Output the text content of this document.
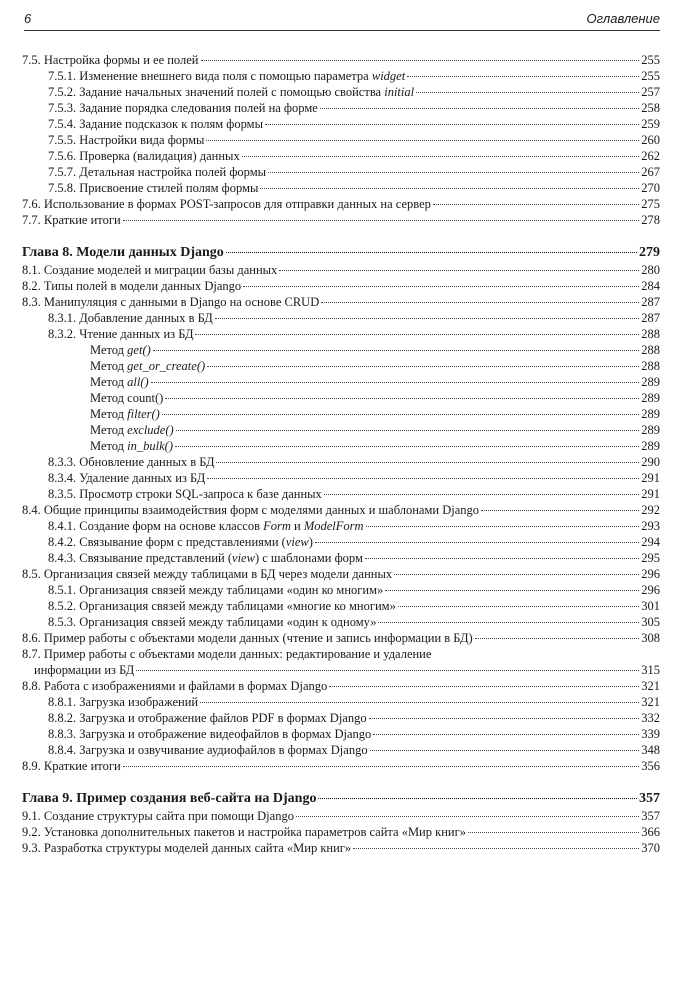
6	Оглавление
7.5. Настройка формы и ее полей	255
7.5.1. Изменение внешнего вида поля с помощью параметра widget	255
7.5.2. Задание начальных значений полей с помощью свойства initial	257
7.5.3. Задание порядка следования полей на форме	258
7.5.4. Задание подсказок к полям формы	259
7.5.5. Настройки вида формы	260
7.5.6. Проверка (валидация) данных	262
7.5.7. Детальная настройка полей формы	267
7.5.8. Присвоение стилей полям формы	270
7.6. Использование в формах POST-запросов для отправки данных на сервер	275
7.7. Краткие итоги	278
Глава 8. Модели данных Django	279
8.1. Создание моделей и миграции базы данных	280
8.2. Типы полей в модели данных Django	284
8.3. Манипуляция с данными в Django на основе CRUD	287
8.3.1. Добавление данных в БД	287
8.3.2. Чтение данных из БД	288
Метод get()	288
Метод get_or_create()	288
Метод all()	289
Метод count()	289
Метод filter()	289
Метод exclude()	289
Метод in_bulk()	289
8.3.3. Обновление данных в БД	290
8.3.4. Удаление данных из БД	291
8.3.5. Просмотр строки SQL-запроса к базе данных	291
8.4. Общие принципы взаимодействия форм с моделями данных и шаблонами Django	292
8.4.1. Создание форм на основе классов Form и ModelForm	293
8.4.2. Связывание форм с представлениями (view)	294
8.4.3. Связывание представлений (view) с шаблонами форм	295
8.5. Организация связей между таблицами в БД через модели данных	296
8.5.1. Организация связей между таблицами «один ко многим»	296
8.5.2. Организация связей между таблицами «многие ко многим»	301
8.5.3. Организация связей между таблицами «один к одному»	305
8.6. Пример работы с объектами модели данных (чтение и запись информации в БД)	308
8.7. Пример работы с объектами модели данных: редактирование и удаление
информации из БД	315
8.8. Работа с изображениями и файлами в формах Django	321
8.8.1. Загрузка изображений	321
8.8.2. Загрузка и отображение файлов PDF в формах Django	332
8.8.3. Загрузка и отображение видеофайлов в формах Django	339
8.8.4. Загрузка и озвучивание аудиофайлов в формах Django	348
8.9. Краткие итоги	356
Глава 9. Пример создания веб-сайта на Django	357
9.1. Создание структуры сайта при помощи Django	357
9.2. Установка дополнительных пакетов и настройка параметров сайта «Мир книг»	366
9.3. Разработка структуры моделей данных сайта «Мир книг»	370
